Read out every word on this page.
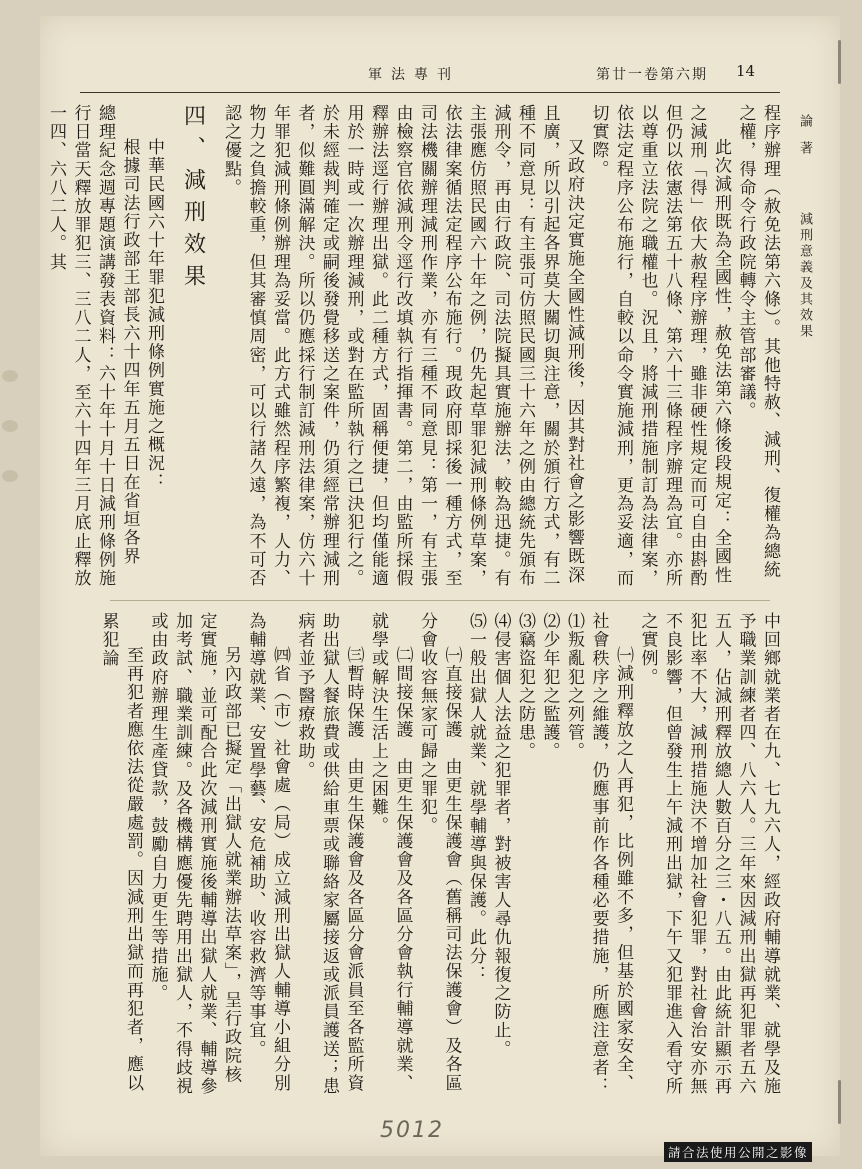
軍法專刊	第廿一卷第六期 14
論著  減刑意義及其效果

程序辦理（赦免法第六條）。其他特赦、減刑、復權為總統之權，得命令行政院轉令主管部審議。

此次減刑既為全國性，赦免法第六條後段規定：全國性之減刑「得」依大赦程序辦理，雖非硬性規定而可自由斟酌但仍以依憲法第五十八條、第六十三條程序辦理為宜。亦所以尊重立法院之職權也。況且，將減刑措施制訂為法律案，依法定程序公布施行，自較以命令實施減刑，更為妥適，而切實際。

又政府決定實施全國性減刑後，因其對社會之影響既深且廣，所以引起各界莫大關切與注意，關於頒行方式，有二種不同意見：有主張可仿照民國三十六年之例由總統先頒布減刑令，再由行政院、司法院擬具實施辦法，較為迅捷。有主張應仿照民國六十年之例，仍先起草罪犯減刑條例草案，依法律案循法定程序公布施行。現政府即採後一種方式，至司法機關辦理減刑作業，亦有三種不同意見：第一，有主張由檢察官依減刑令逕行改填執行指揮書。第二，由監所採假釋辦法逕行辦理出獄。此二種方式，固稱便捷，但均僅能適用於一時或一次辦理減刑，或對在監所執行之已決犯行之。於未經裁判確定或嗣後發覺移送之案件，仍須經常辦理減刑者，似難圓滿解決。所以仍應採行制訂減刑法律案，仿六十年罪犯減刑條例辦理為妥當。此方式雖然程序繁複，人力、物力之負擔較重，但其審慎周密，可以行諸久遠，為不可否認之優點。

四、減刑效果

中華民國六十年罪犯減刑條例實施之概況：

根據司法行政部王部長六十四年五月五日在省垣各界　總理紀念週專題演講發表資料：六十年十月十日減刑條例施行日當天釋放罪犯三、三八二人，至六十四年三月底止釋放一四、六八二人。其

中回鄉就業者在九、七九六人，經政府輔導就業、就學及施予職業訓練者四、八六人。三年來因減刑出獄再犯罪者五六五人，佔減刑釋放總人數百分之三・八五。由此統計顯示再犯比率不大，減刑措施決不增加社會犯罪，對社會治安亦無不良影響，但曾發生上午減刑出獄，下午又犯罪進入看守所之實例。

㈠減刑釋放之人再犯，比例雖不多，但基於國家安全、社會秩序之維護，仍應事前作各種必要措施，所應注意者：

⑴叛亂犯之列管。

⑵少年犯之監護。

⑶竊盜犯之防患。

⑷侵害個人法益之犯罪者，對被害人尋仇報復之防止。

⑸一般出獄人就業、就學輔導與保護。此分：

㈠直接保護　由更生保護會（舊稱司法保護會）及各區分會收容無家可歸之罪犯。

㈡間接保護　由更生保護會及各區分會執行輔導就業、就學或解決生活上之困難。

㈢暫時保護　由更生保護會及各區分會派員至各監所資助出獄人餐旅費或供給車票或聯絡家屬接返或派員護送；患病者並予醫療救助。

㈣省（市）社會處（局）成立減刑出獄人輔導小組分別為輔導就業、安置學藝、安危補助、收容救濟等事宜。

另內政部已擬定「出獄人就業辦法草案」，呈行政院核定實施，並可配合此次減刑實施後輔導出獄人就業、輔導參加考試、職業訓練。及各機構應優先聘用出獄人，不得歧視或由政府辦理生產貸款，鼓勵自力更生等措施。

至再犯者應依法從嚴處罰。因減刑出獄而再犯者，應以累犯論

5012
請合法使用公開之影像
